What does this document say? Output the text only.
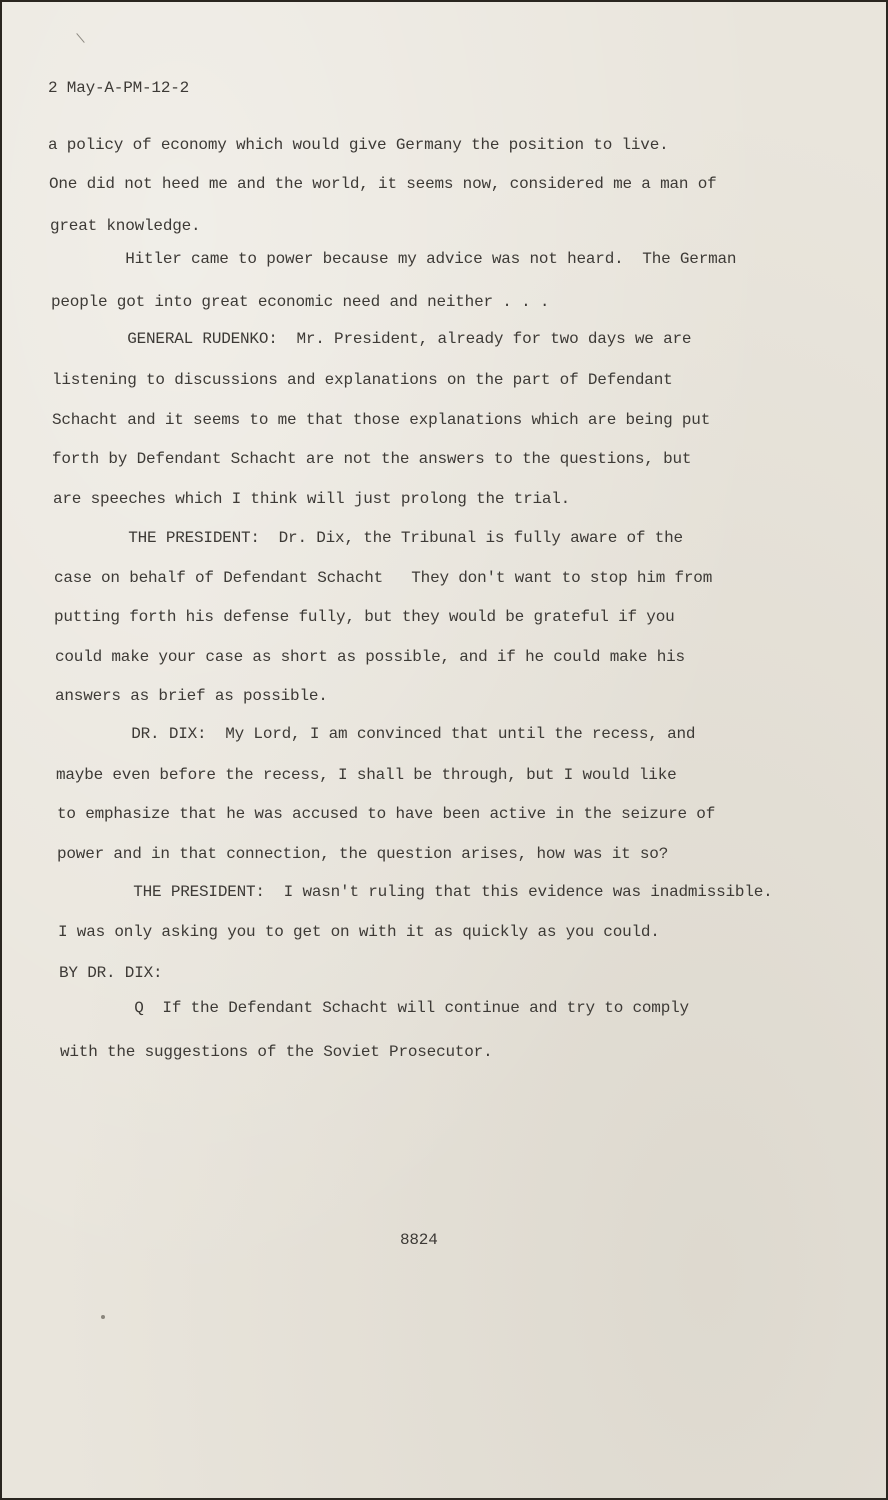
2 May-A-PM-12-2

a policy of economy which would give Germany the position to live.

One did not heed me and the world, it seems now, considered me a man of

great knowledge.

Hitler came to power because my advice was not heard.  The German

people got into great economic need and neither . . .

GENERAL RUDENKO:  Mr. President, already for two days we are

listening to discussions and explanations on the part of Defendant

Schacht and it seems to me that those explanations which are being put

forth by Defendant Schacht are not the answers to the questions, but

are speeches which I think will just prolong the trial.

THE PRESIDENT:  Dr. Dix, the Tribunal is fully aware of the

case on behalf of Defendant Schacht   They don't want to stop him from

putting forth his defense fully, but they would be grateful if you

could make your case as short as possible, and if he could make his

answers as brief as possible.

DR. DIX:  My Lord, I am convinced that until the recess, and

maybe even before the recess, I shall be through, but I would like

to emphasize that he was accused to have been active in the seizure of

power and in that connection, the question arises, how was it so?

THE PRESIDENT:  I wasn't ruling that this evidence was inadmissible.

I was only asking you to get on with it as quickly as you could.

BY DR. DIX:

Q  If the Defendant Schacht will continue and try to comply

with the suggestions of the Soviet Prosecutor.

8824
